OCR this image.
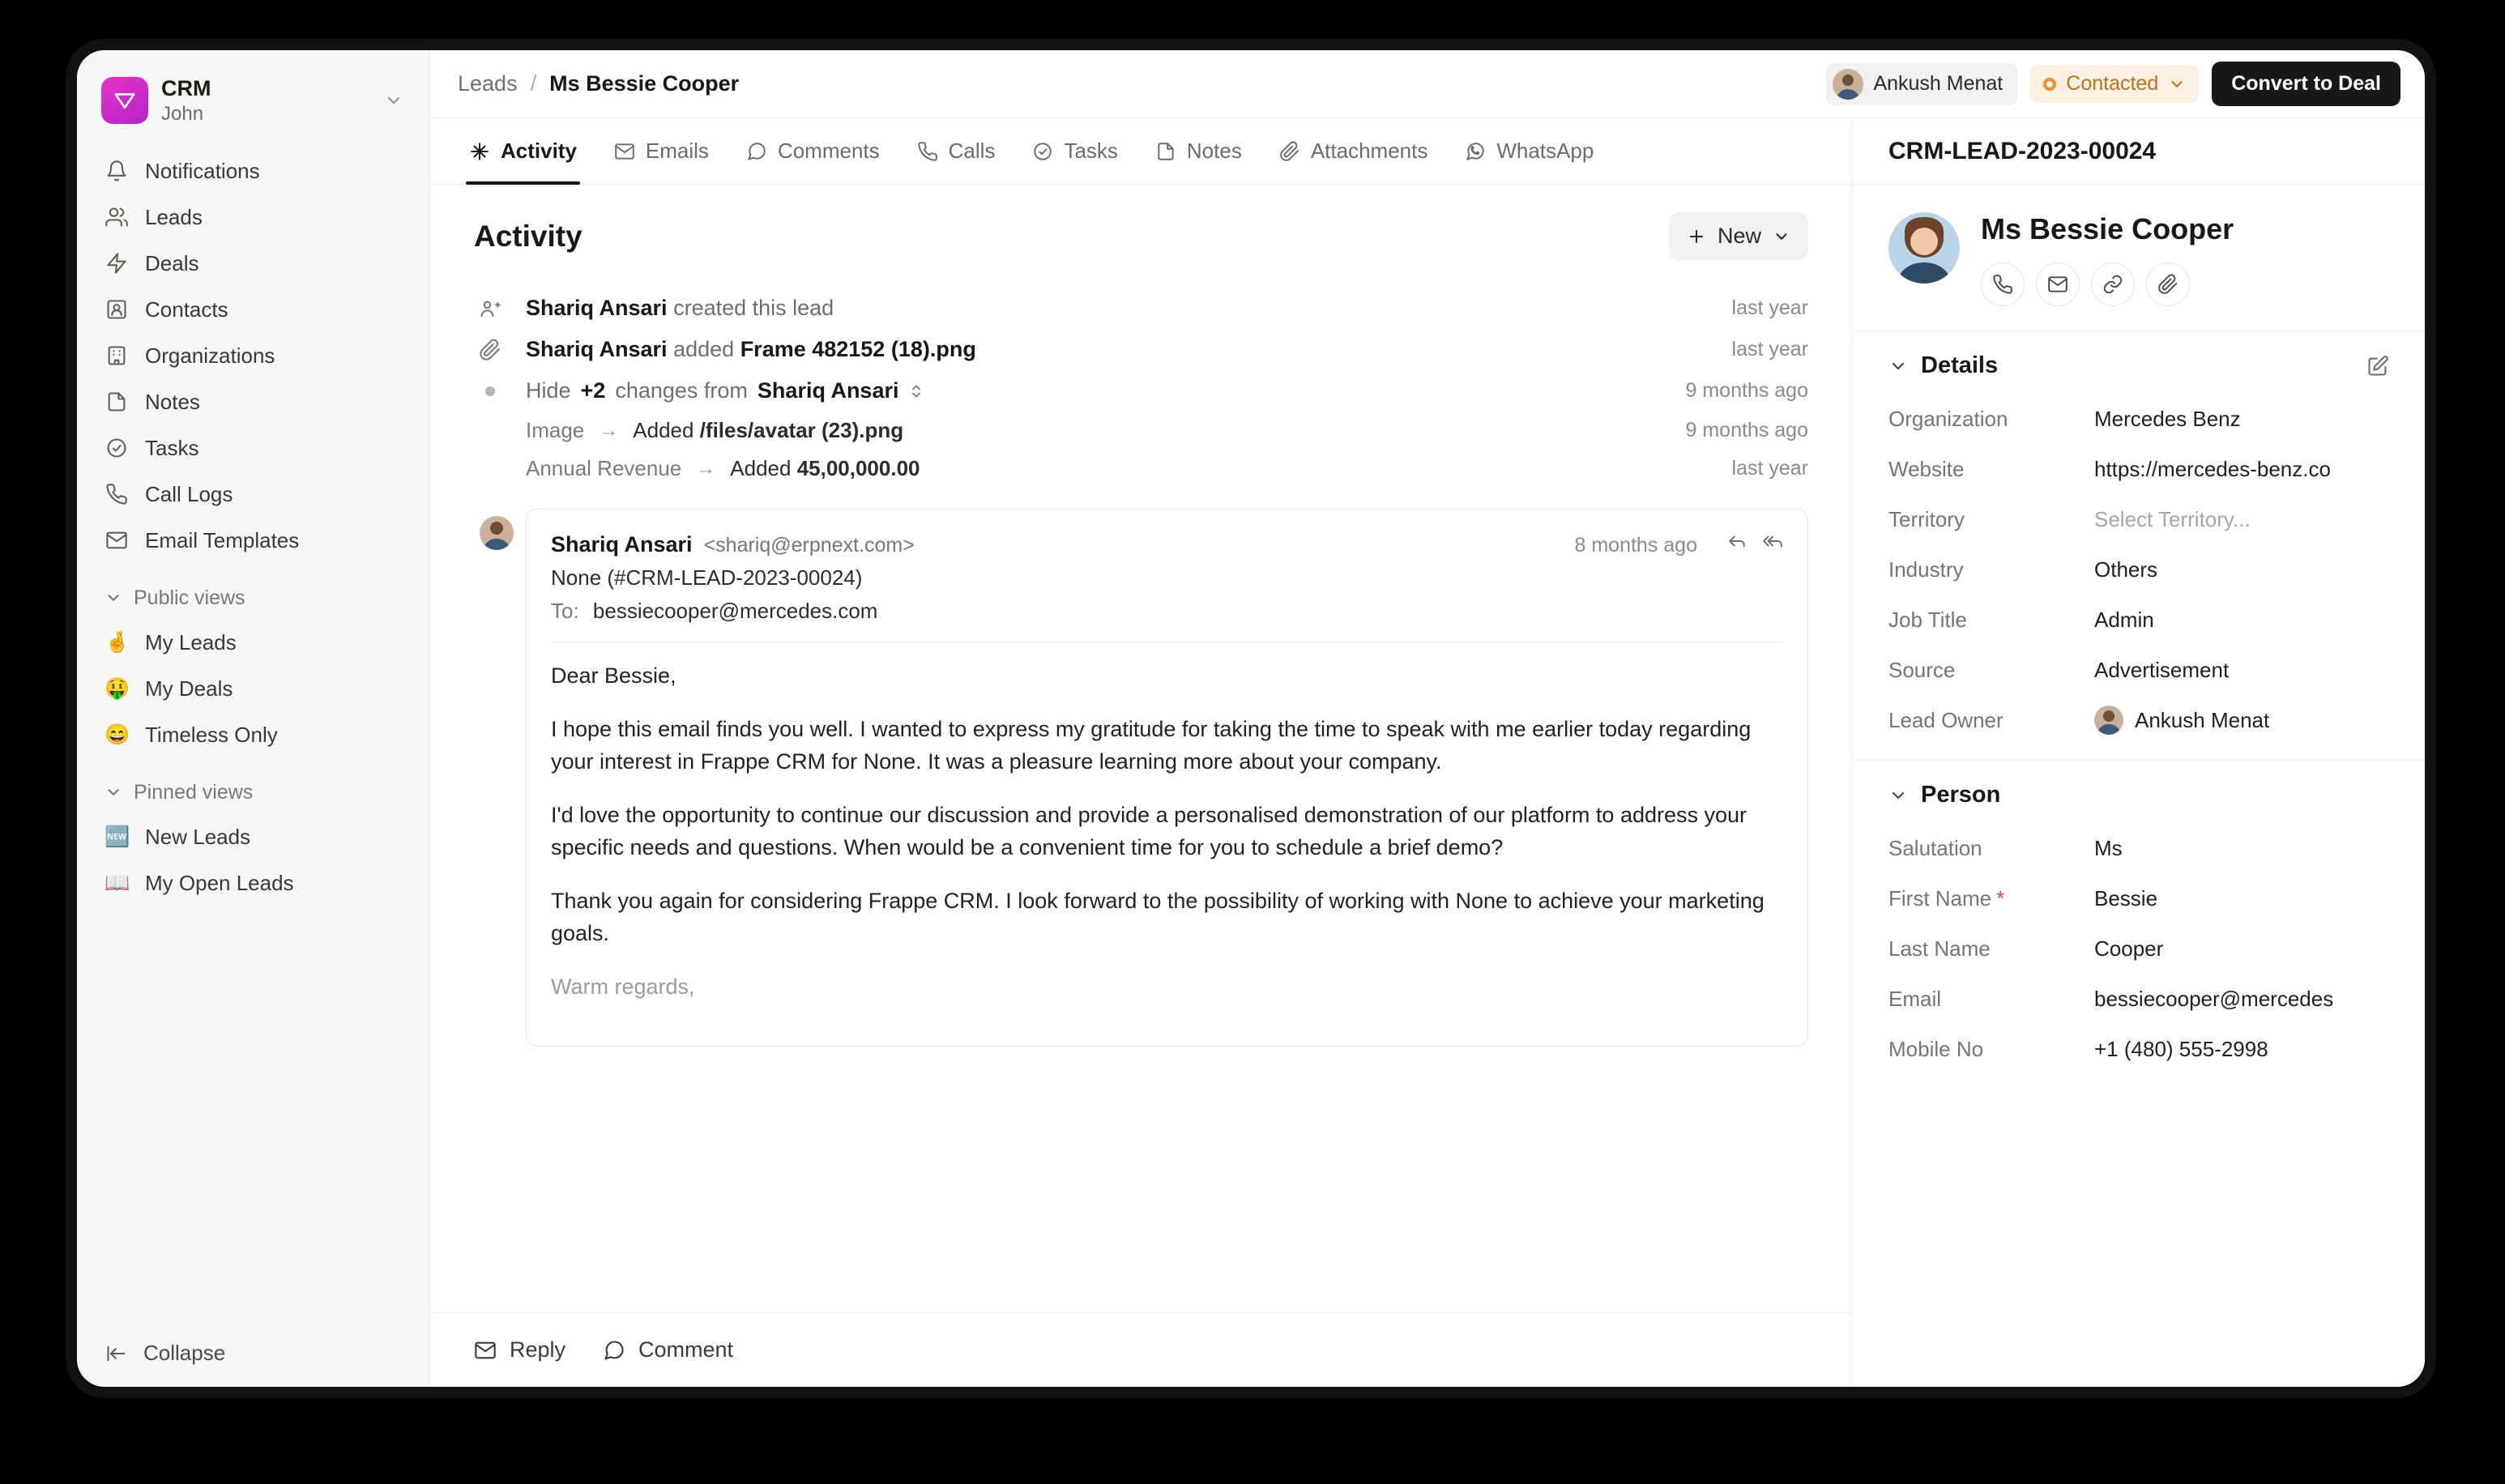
CRM
John
Notifications
Leads
Deals
Contacts
Organizations
Notes
Tasks
Call Logs
Email Templates
Public views
🤞 My Leads
🤑 My Deals
😄 Timeless Only
Pinned views
🆕 New Leads
📖 My Open Leads
Collapse
Leads / Ms Bessie Cooper	Ankush Menat	Contacted	Convert to Deal
Activity	Emails	Comments	Calls	Tasks	Notes	Attachments	WhatsApp
Activity	New
Shariq Ansari created this lead	last year
Shariq Ansari added Frame 482152 (18).png	last year
Hide +2 changes from Shariq Ansari	9 months ago
Image → Added /files/avatar (23).png	9 months ago
Annual Revenue → Added 45,00,000.00	last year
Shariq Ansari <shariq@erpnext.com>	8 months ago
None (#CRM-LEAD-2023-00024)
To: bessiecooper@mercedes.com

Dear Bessie,

I hope this email finds you well. I wanted to express my gratitude for taking the time to speak with me earlier today regarding your interest in Frappe CRM for None. It was a pleasure learning more about your company.

I'd love the opportunity to continue our discussion and provide a personalised demonstration of our platform to address your specific needs and questions. When would be a convenient time for you to schedule a brief demo?

Thank you again for considering Frappe CRM. I look forward to the possibility of working with None to achieve your marketing goals.

Warm regards,

Reply	Comment
CRM-LEAD-2023-00024
Ms Bessie Cooper
Details
Organization	Mercedes Benz
Website	https://mercedes-benz.co
Territory	Select Territory...
Industry	Others
Job Title	Admin
Source	Advertisement
Lead Owner	Ankush Menat
Person
Salutation	Ms
First Name *	Bessie
Last Name	Cooper
Email	bessiecooper@mercedes
Mobile No	+1 (480) 555-2998
